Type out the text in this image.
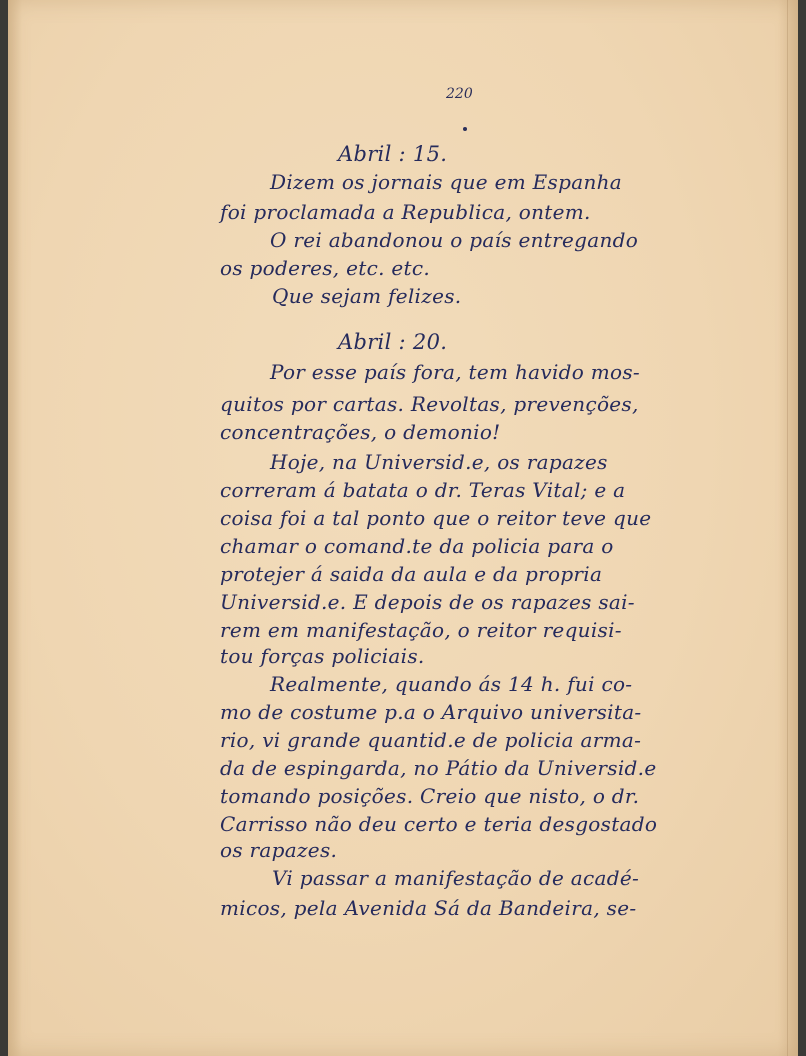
220
Abril : 15.
Dizem os jornais que em Espanha
foi proclamada a Republica, ontem.
O rei abandonou o país entregando
os poderes, etc. etc.
Que sejam felizes.
Abril : 20.
Por esse país fora, tem havido mos-
quitos por cartas. Revoltas, prevenções,
concentrações, o demonio!
Hoje, na Universid.e, os rapazes
correram á batata o dr. Teras Vital; e a
coisa foi a tal ponto que o reitor teve que
chamar o comand.te da policia para o
protejer á saida da aula e da propria
Universid.e. E depois de os rapazes sai-
rem em manifestação, o reitor requisi-
tou forças policiais.
Realmente, quando ás 14 h. fui co-
mo de costume p.a o Arquivo universita-
rio, vi grande quantid.e de policia arma-
da de espingarda, no Pátio da Universid.e
tomando posições. Creio que nisto, o dr.
Carrisso não deu certo e teria desgostado
os rapazes.
Vi passar a manifestação de acadé-
micos, pela Avenida Sá da Bandeira, se-
